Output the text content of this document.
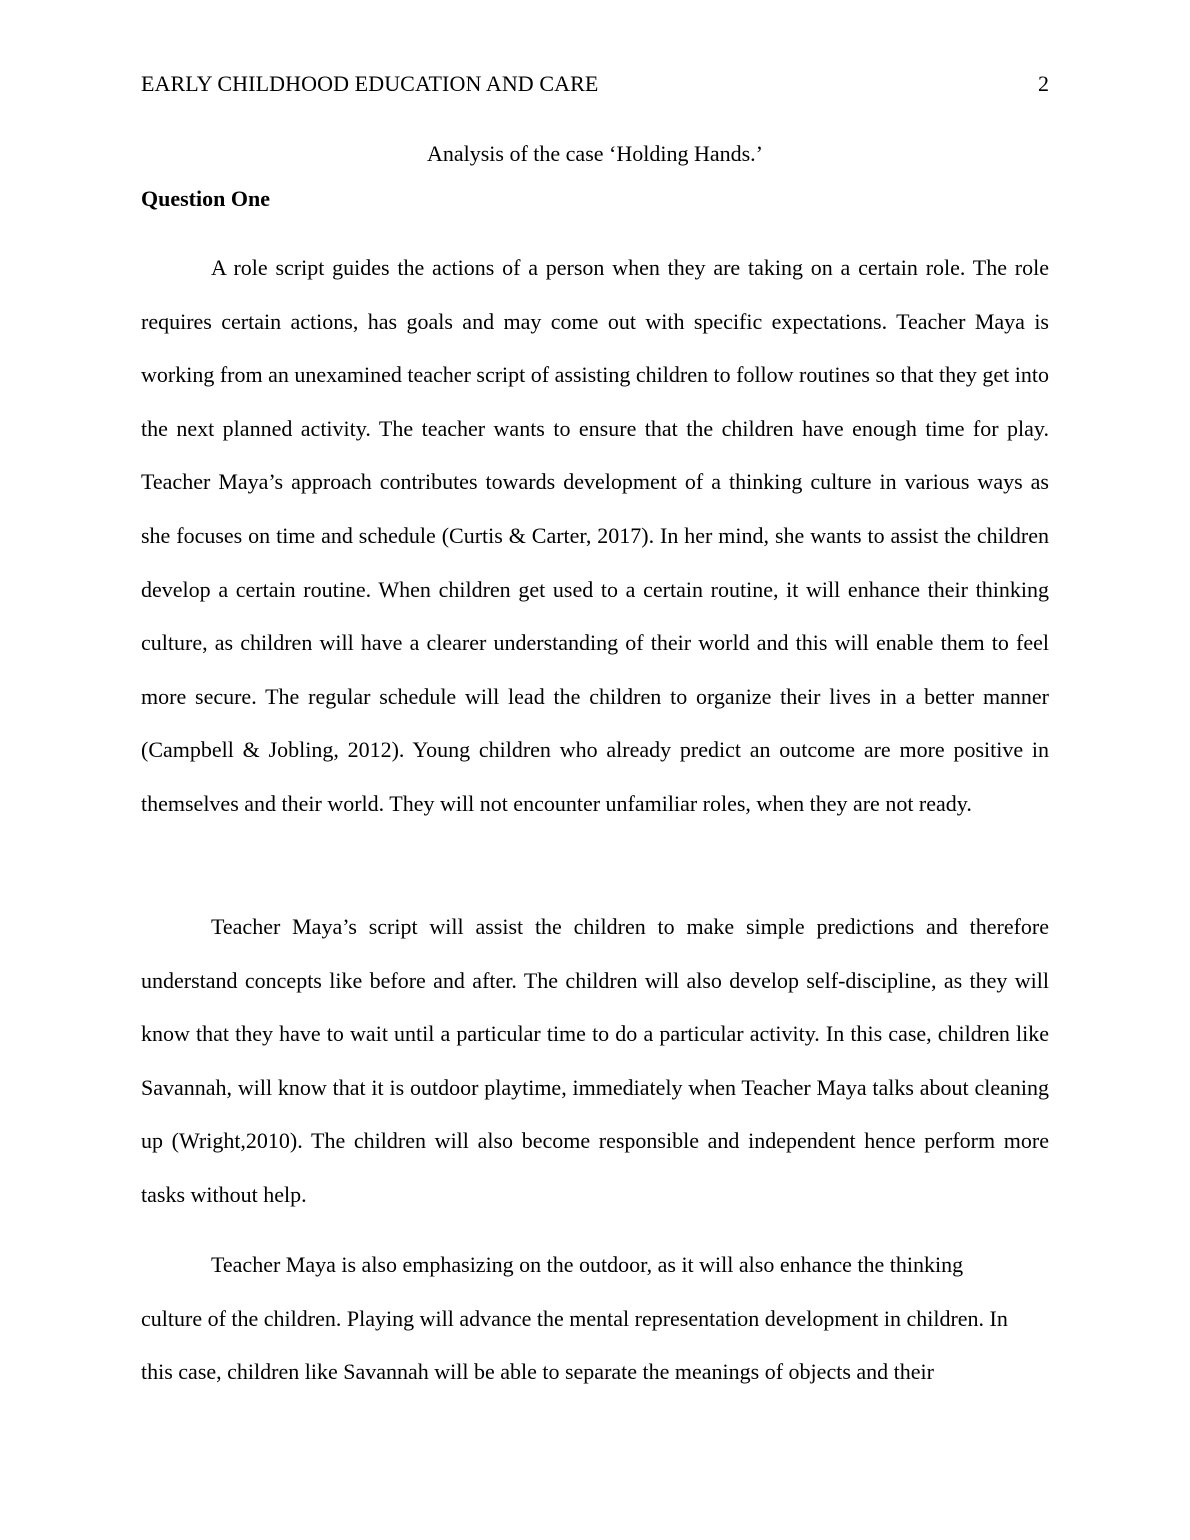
EARLY CHILDHOOD EDUCATION AND CARE	2
Analysis of the case ‘Holding Hands.’
Question One

A role script guides the actions of a person when they are taking on a certain role. The role requires certain actions, has goals and may come out with specific expectations. Teacher Maya is working from an unexamined teacher script of assisting children to follow routines so that they get into the next planned activity. The teacher wants to ensure that the children have enough time for play. Teacher Maya’s approach contributes towards development of a thinking culture in various ways as she focuses on time and schedule (Curtis & Carter, 2017). In her mind, she wants to assist the children develop a certain routine. When children get used to a certain routine, it will enhance their thinking culture, as children will have a clearer understanding of their world and this will enable them to feel more secure. The regular schedule will lead the children to organize their lives in a better manner (Campbell & Jobling, 2012). Young children who already predict an outcome are more positive in themselves and their world. They will not encounter unfamiliar roles, when they are not ready.

Teacher Maya’s script will assist the children to make simple predictions and therefore understand concepts like before and after. The children will also develop self-discipline, as they will know that they have to wait until a particular time to do a particular activity. In this case, children like Savannah, will know that it is outdoor playtime, immediately when Teacher Maya talks about cleaning up (Wright,2010). The children will also become responsible and independent hence perform more tasks without help.

Teacher Maya is also emphasizing on the outdoor, as it will also enhance the thinking culture of the children. Playing will advance the mental representation development in children. In this case, children like Savannah will be able to separate the meanings of objects and their
